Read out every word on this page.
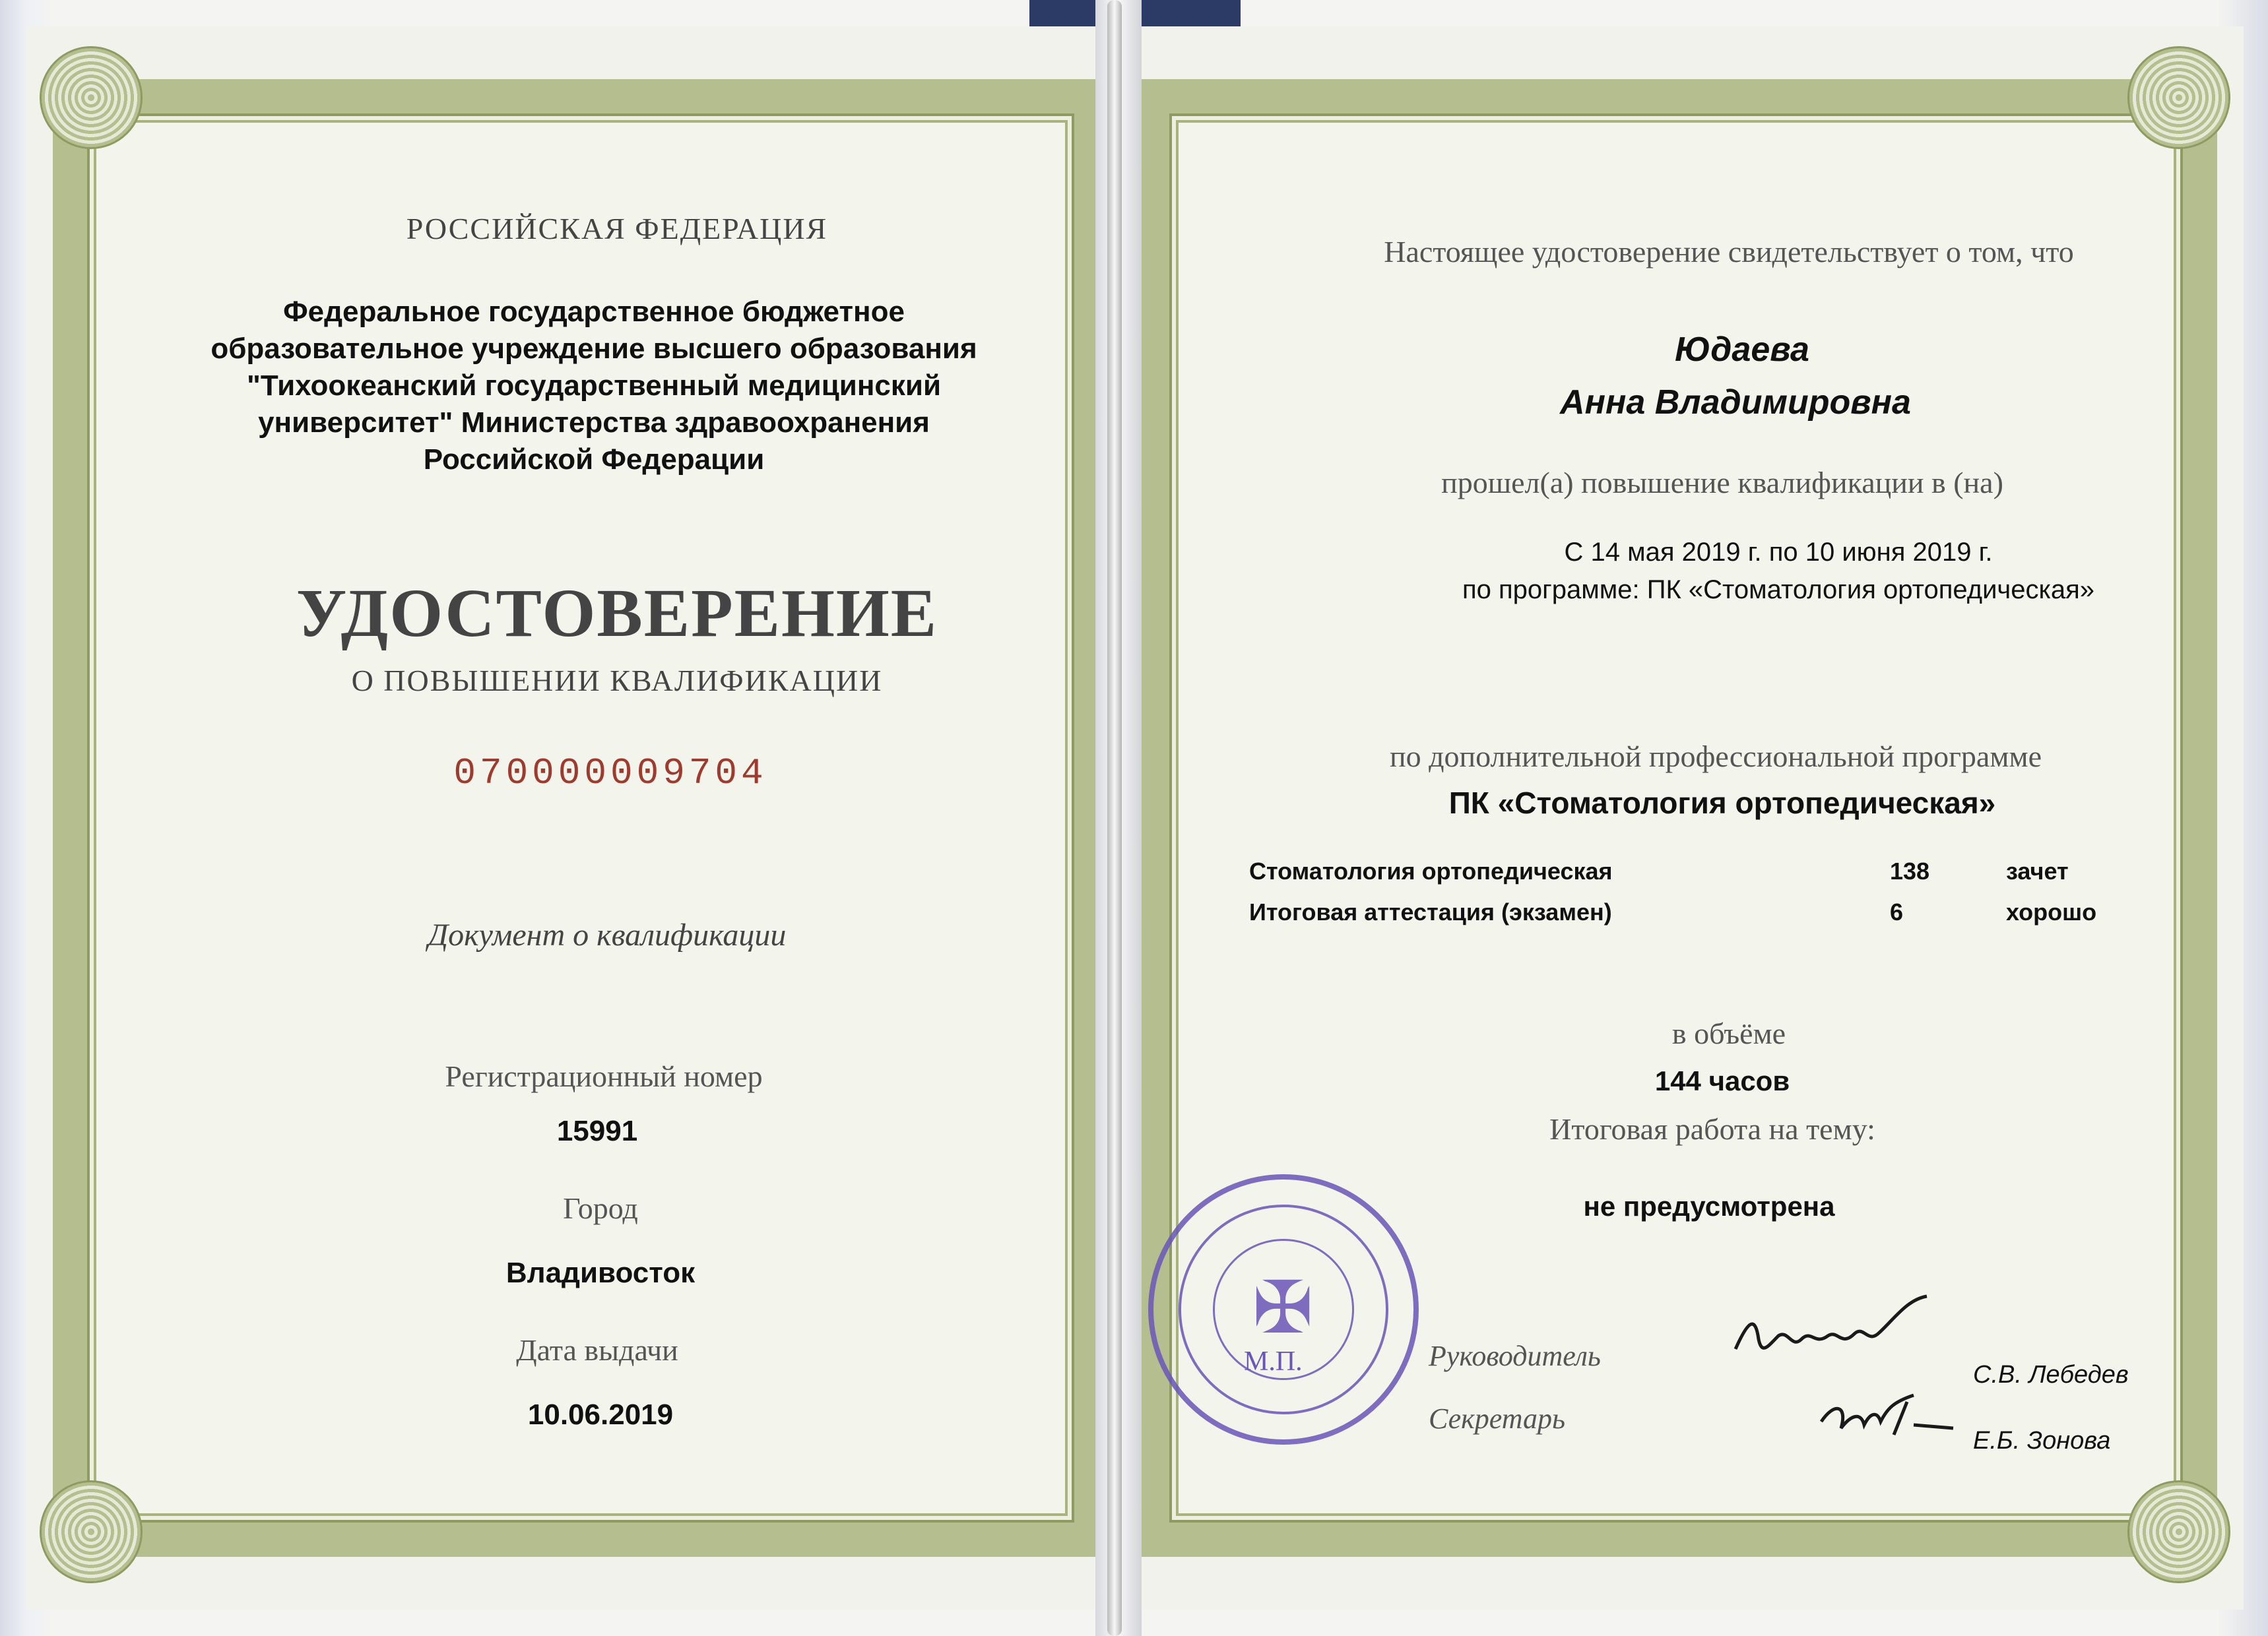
РОССИЙСКАЯ ФЕДЕРАЦИЯ
Федеральное государственное бюджетное
образовательное учреждение высшего образования
"Тихоокеанский государственный медицинский
университет" Министерства здравоохранения
Российской Федерации
УДОСТОВЕРЕНИЕ
О ПОВЫШЕНИИ КВАЛИФИКАЦИИ
070000009704
Документ о квалификации
Регистрационный номер
15991
Город
Владивосток
Дата выдачи
10.06.2019
Настоящее удостоверение свидетельствует о том, что
Юдаева
Анна Владимировна
прошел(а) повышение квалификации в (на)
С 14 мая 2019 г. по 10 июня 2019 г.
по программе: ПК «Стоматология ортопедическая»
по дополнительной профессиональной программе
ПК «Стоматология ортопедическая»
Стоматология ортопедическая	138	зачет
Итоговая аттестация (экзамен)	6	хорошо
в объёме
144 часов
Итоговая работа на тему:
не предусмотрена
✠
М.П.	Руководитель
Секретарь
С.В. Лебедев
Е.Б. Зонова
